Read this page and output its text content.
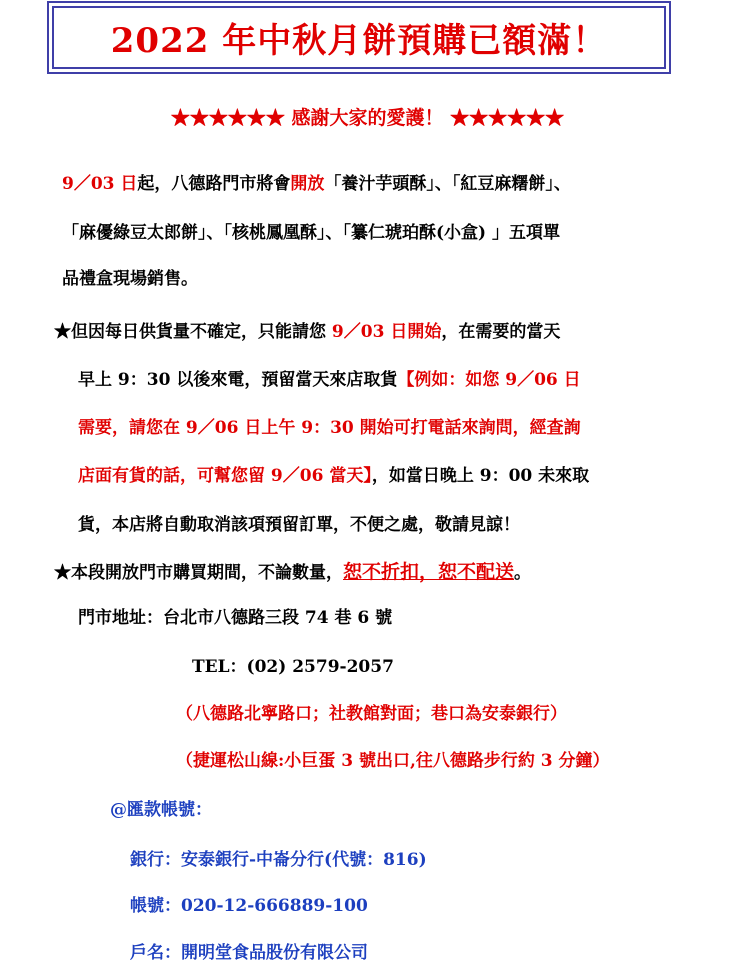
2022 年中秋月餅預購已額滿！
★★★★★★ 感謝大家的愛護！ ★★★★★★
9／03 日起，八德路門市將會開放「養汁芋頭酥」、「紅豆麻糬餅」、
「麻優綠豆太郎餅」、「核桃鳳凰酥」、「纂仁琥珀酥(小盒) 」五項單
品禮盒現場銷售。
★但因每日供貨量不確定，只能請您 9／03 日開始，在需要的當天
早上 9：30 以後來電，預留當天來店取貨【例如：如您 9／06 日
需要，請您在 9／06 日上午 9：30 開始可打電話來詢問，經查詢
店面有貨的話，可幫您留 9／06 當天】，如當日晚上 9：00 未來取
貨，本店將自動取消該項預留訂單，不便之處，敬請見諒！
★本段開放門市購買期間，不論數量，恕不折扣，恕不配送。
門市地址：台北市八德路三段 74 巷 6 號
TEL：(02) 2579-2057
（八德路北寧路口；社教館對面；巷口為安泰銀行）
（捷運松山線:小巨蛋 3 號出口,往八德路步行約 3 分鐘）
@匯款帳號：
銀行：安泰銀行-中崙分行(代號：816)
帳號：020-12-666889-100
戶名：開明堂食品股份有限公司
